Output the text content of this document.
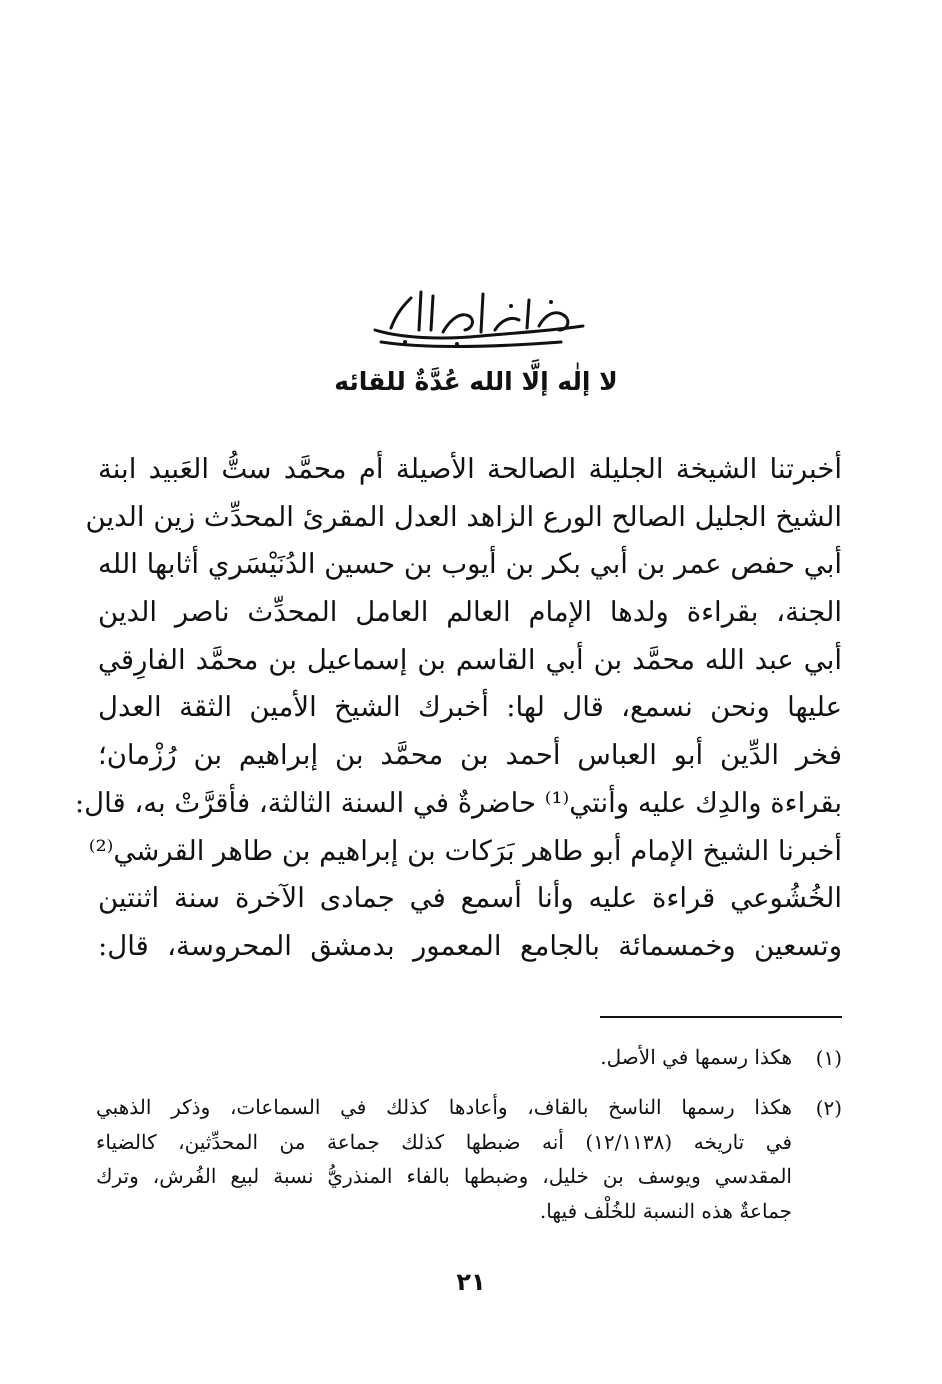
لا إلٰه إلَّا الله عُدَّةٌ للقائه
أخبرتنا الشيخة الجليلة الصالحة الأصيلة أم محمَّد ستُّ العَبيد ابنة
الشيخ الجليل الصالح الورع الزاهد العدل المقرئ المحدِّث زين الدين
أبي حفص عمر بن أبي بكر بن أيوب بن حسين الدُنَيْسَري أثابها الله
الجنة، بقراءة ولدها الإمام العالم العامل المحدِّث ناصر الدين
أبي عبد الله محمَّد بن أبي القاسم بن إسماعيل بن محمَّد الفارِقي
عليها ونحن نسمع، قال لها: أخبرك الشيخ الأمين الثقة العدل
فخر الدِّين أبو العباس أحمد بن محمَّد بن إبراهيم بن رُزْمان؛
بقراءة والدِك عليه وأنتي⁽¹⁾ حاضرةٌ في السنة الثالثة، فأقرَّتْ به، قال:
أخبرنا الشيخ الإمام أبو طاهر بَرَكات بن إبراهيم بن طاهر القرشي⁽²⁾
الخُشُوعي قراءة عليه وأنا أسمع في جمادى الآخرة سنة اثنتين
وتسعين وخمسمائة بالجامع المعمور بدمشق المحروسة، قال:
(١)
هكذا رسمها في الأصل.
(٢)
هكذا رسمها الناسخ بالقاف، وأعادها كذلك في السماعات، وذكر الذهبي
في تاريخه (١٢/١١٣٨) أنه ضبطها كذلك جماعة من المحدِّثين، كالضياء
المقدسي ويوسف بن خليل، وضبطها بالفاء المنذريُّ نسبة لبيع الفُرش، وترك
جماعةٌ هذه النسبة للخُلْف فيها.
٢١
